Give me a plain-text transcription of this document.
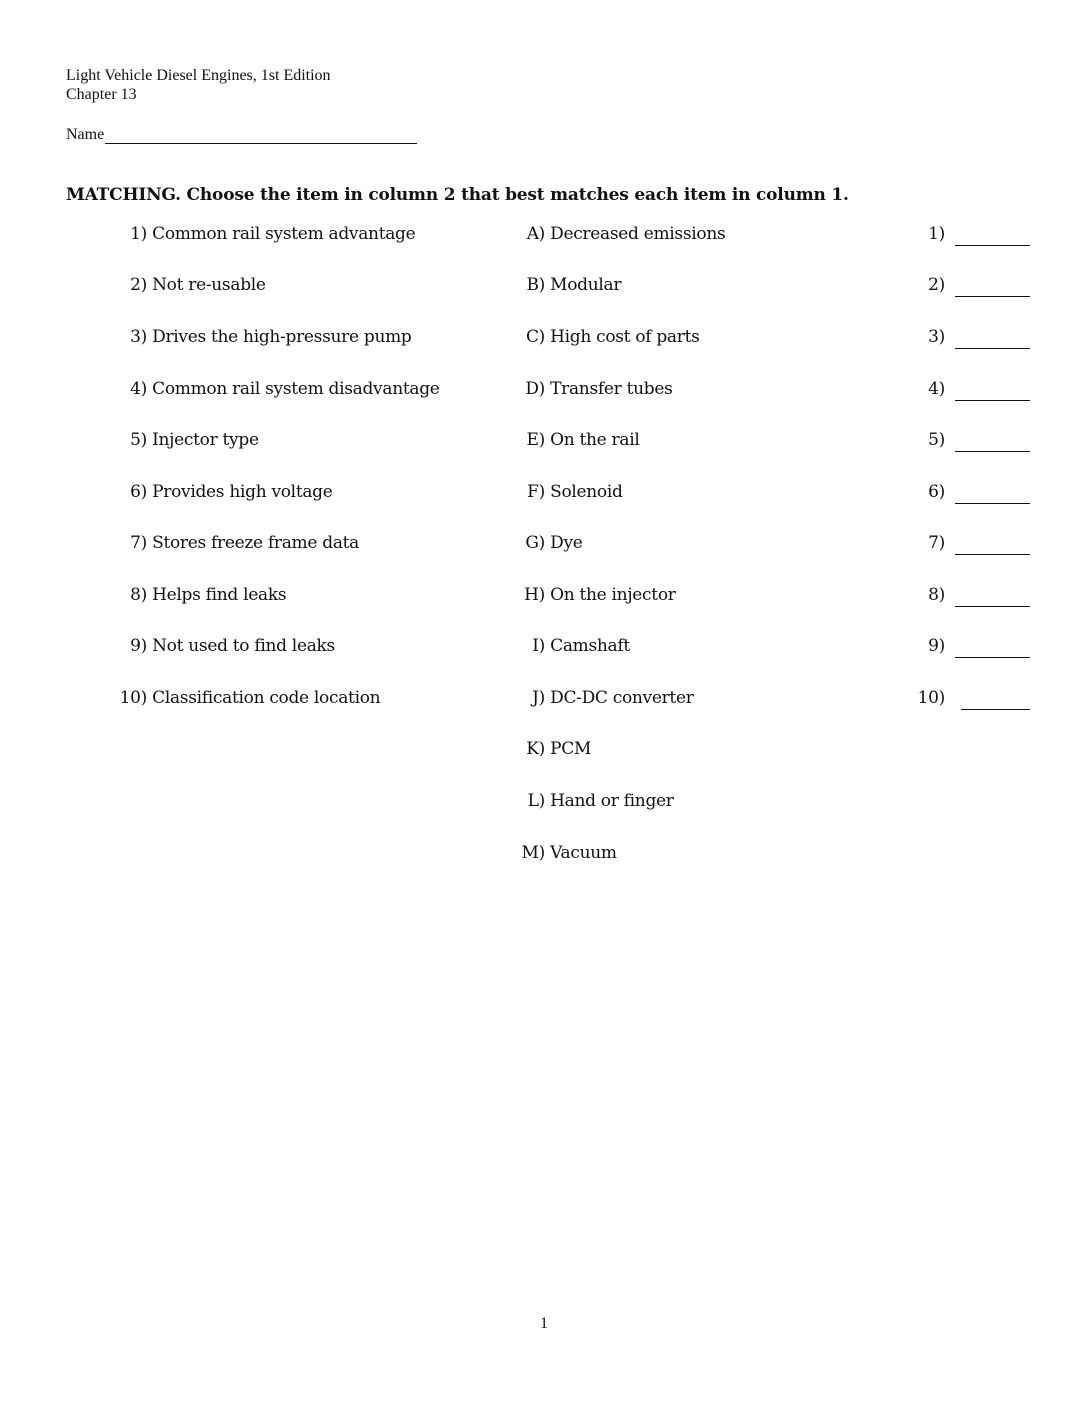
Light Vehicle Diesel Engines, 1st Edition
Chapter 13
Name
MATCHING. Choose the item in column 2 that best matches each item in column 1.
1) Common rail system advantage	A) Decreased emissions	1)
2) Not re-usable	B) Modular	2)
3) Drives the high-pressure pump	C) High cost of parts	3)
4) Common rail system disadvantage	D) Transfer tubes	4)
5) Injector type	E) On the rail	5)
6) Provides high voltage	F) Solenoid	6)
7) Stores freeze frame data	G) Dye	7)
8) Helps find leaks	H) On the injector	8)
9) Not used to find leaks	I) Camshaft	9)
10) Classification code location	J) DC-DC converter	10)
K) PCM
L) Hand or finger
M) Vacuum
1
